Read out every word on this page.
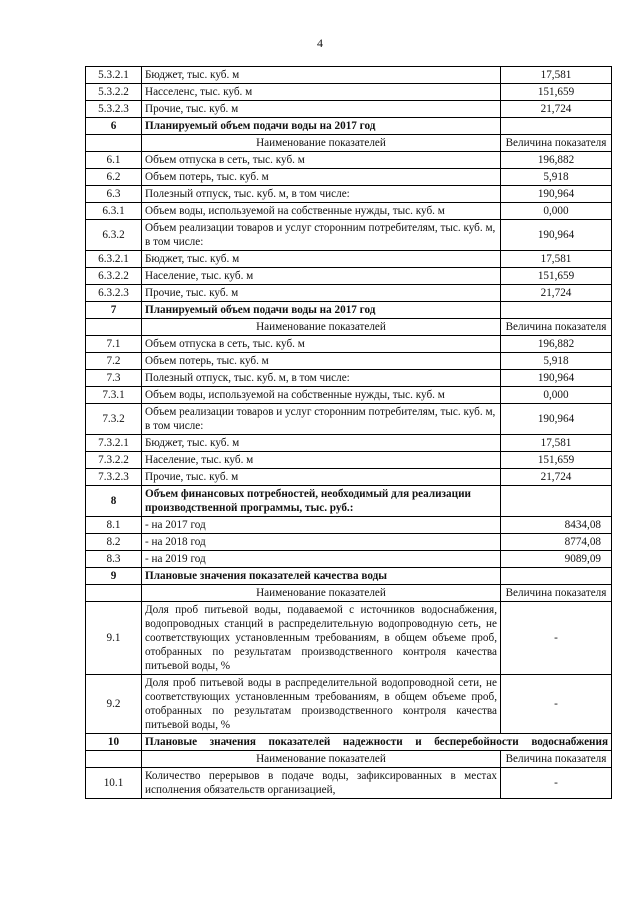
4
5.3.2.1	Бюджет, тыс. куб. м	17,581
5.3.2.2	Насселенс, тыс. куб. м	151,659
5.3.2.3	Прочие, тыс. куб. м	21,724
6	Планируемый объем подачи воды на 2017 год	
	Наименование показателей	Величина показателя
6.1	Объем отпуска в сеть, тыс. куб. м	196,882
6.2	Объем потерь, тыс. куб. м	5,918
6.3	Полезный отпуск, тыс. куб. м, в том числе:	190,964
6.3.1	Объем воды, используемой на собственные нужды, тыс. куб. м	0,000
6.3.2	Объем реализации товаров и услуг сторонним потребителям, тыс. куб. м, в том числе:	190,964
6.3.2.1	Бюджет, тыс. куб. м	17,581
6.3.2.2	Население, тыс. куб. м	151,659
6.3.2.3	Прочие, тыс. куб. м	21,724
7	Планируемый объем подачи воды на 2017 год	
	Наименование показателей	Величина показателя
7.1	Объем отпуска в сеть, тыс. куб. м	196,882
7.2	Объем потерь, тыс. куб. м	5,918
7.3	Полезный отпуск, тыс. куб. м, в том числе:	190,964
7.3.1	Объем воды, используемой на собственные нужды, тыс. куб. м	0,000
7.3.2	Объем реализации товаров и услуг сторонним потребителям, тыс. куб. м, в том числе:	190,964
7.3.2.1	Бюджет, тыс. куб. м	17,581
7.3.2.2	Население, тыс. куб. м	151,659
7.3.2.3	Прочие, тыс. куб. м	21,724
8	Объем финансовых потребностей, необходимый для реализации производственной программы, тыс. руб.:	
8.1	- на 2017 год	8434,08
8.2	- на 2018 год	8774,08
8.3	- на 2019 год	9089,09
9	Плановые значения показателей качества воды	
	Наименование показателей	Величина показателя
9.1	Доля проб питьевой воды, подаваемой с источников водоснабжения, водопроводных станций в распределительную водопроводную сеть, не соответствующих установленным требованиям, в общем объеме проб, отобранных по результатам производственного контроля качества питьевой воды, %	-
9.2	Доля проб питьевой воды в распределительной водопроводной сети, не соответствующих установленным требованиям, в общем объеме проб, отобранных по результатам производственного контроля качества питьевой воды, %	-
10	Плановые значения показателей надежности и бесперебойности водоснабжения	
	Наименование показателей	Величина показателя
10.1	Количество перерывов в подаче воды, зафиксированных в местах исполнения обязательств организацией,	-
